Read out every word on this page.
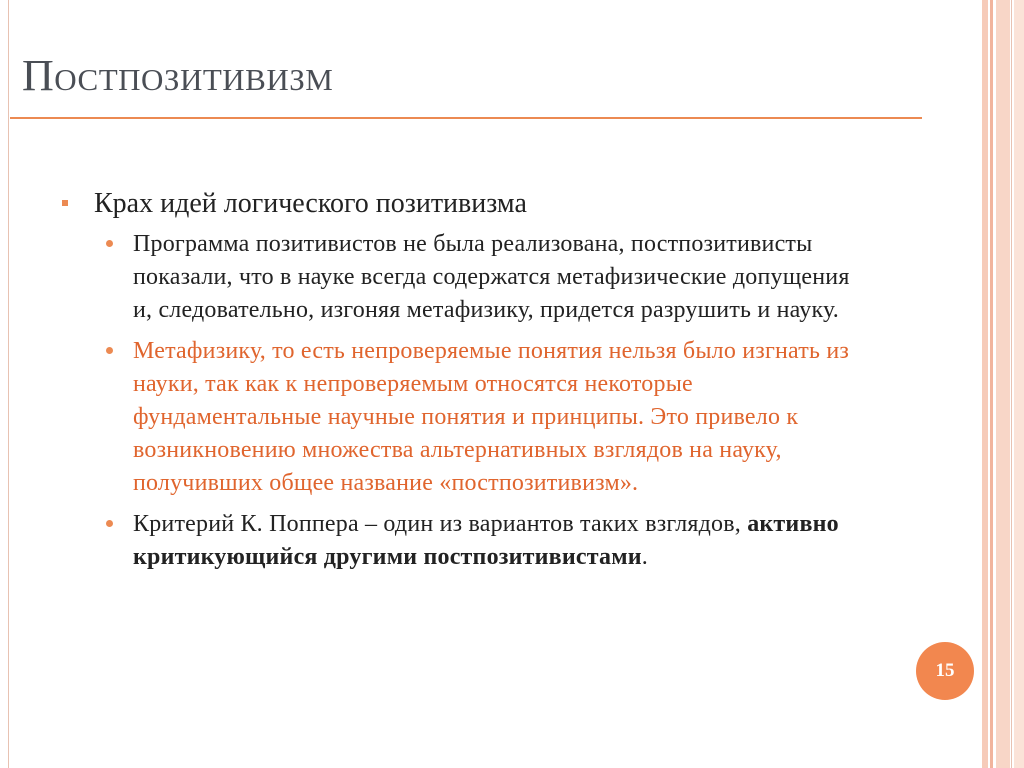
Постпозитивизм
Крах идей логического позитивизма
Программа позитивистов не была реализована, постпозитивисты показали, что в науке всегда содержатся метафизические допущения и, следовательно, изгоняя метафизику, придется разрушить и науку.
Метафизику, то есть непроверяемые понятия нельзя было изгнать из науки, так как к непроверяемым относятся некоторые фундаментальные научные понятия и принципы. Это привело к возникновению множества альтернативных взглядов на науку, получивших общее название «постпозитивизм».
Критерий К. Поппера – один из вариантов таких взглядов, активно критикующийся другими постпозитивистами.
15
